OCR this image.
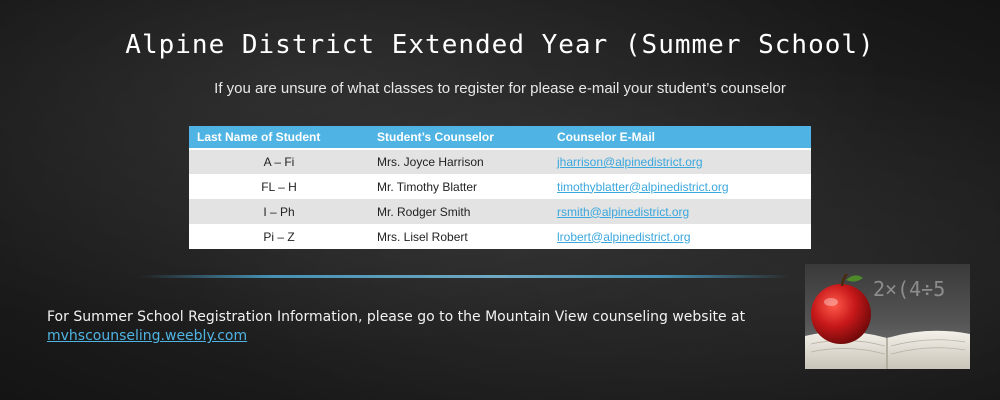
Alpine District Extended Year (Summer School)
If you are unsure of what classes to register for please e-mail your student’s counselor
Last Name of Student	Student’s Counselor	Counselor E-Mail
A – Fi	Mrs. Joyce Harrison	jharrison@alpinedistrict.org
FL – H	Mr. Timothy Blatter	timothyblatter@alpinedistrict.org
I – Ph	Mr. Rodger Smith	rsmith@alpinedistrict.org
Pi – Z	Mrs. Lisel Robert	lrobert@alpinedistrict.org
For Summer School Registration Information, please go to the Mountain View counseling website at
mvhscounseling.weebly.com
2×(4÷5
